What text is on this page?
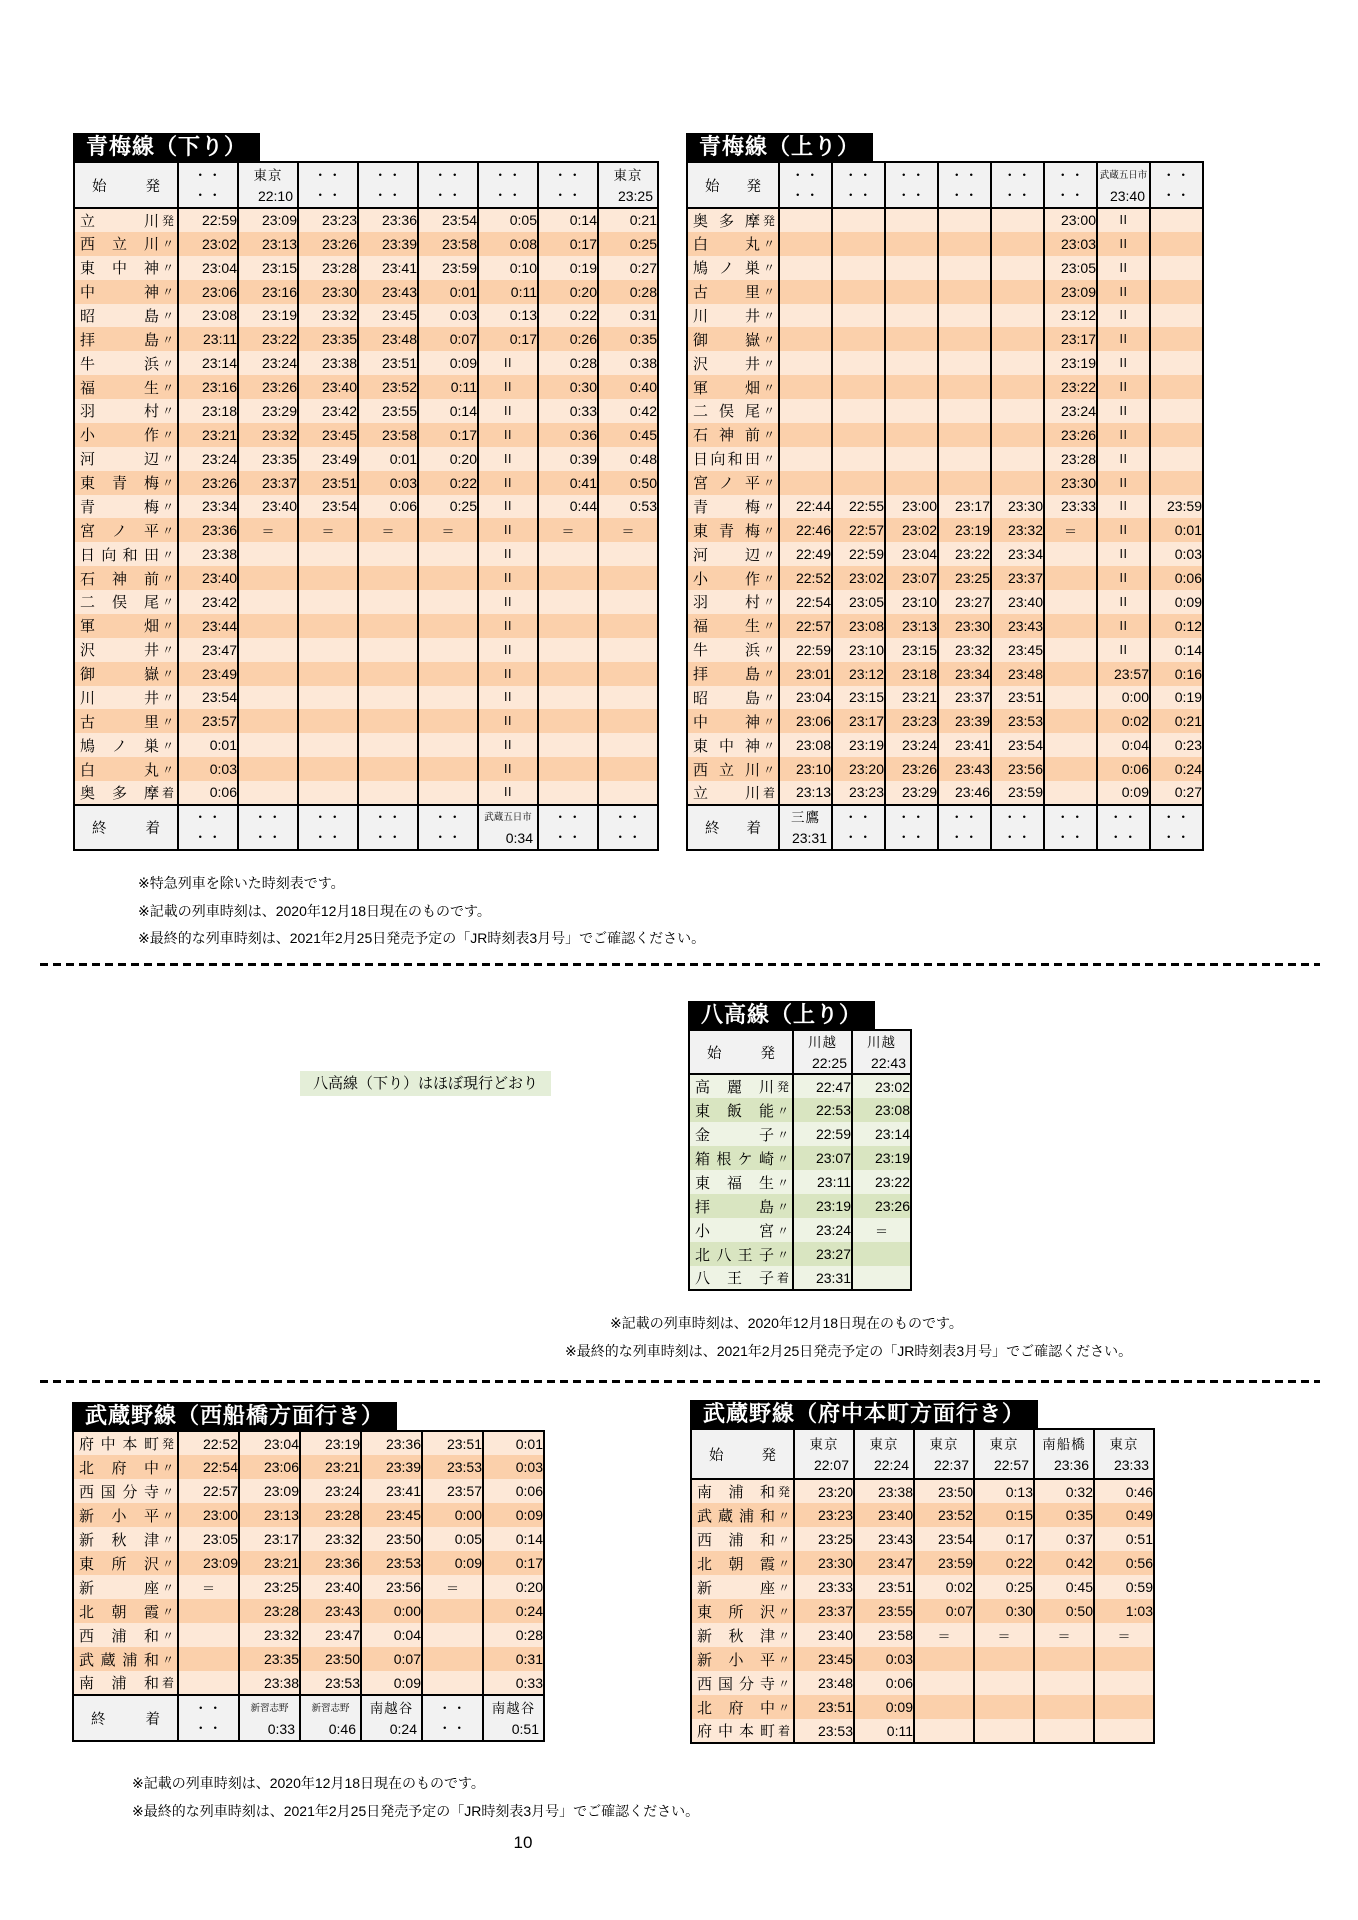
青梅線（下り）
始	発

・・
・・

東京
22:10

・・
・・

・・
・・

・・
・・

・・
・・

・・
・・

東京
23:25

立 川 発	22:59	23:09	23:23	23:36	23:54	0:05	0:14	0:21

西 立 川 〃	23:02	23:13	23:26	23:39	23:58	0:08	0:17	0:25

東 中 神 〃	23:04	23:15	23:28	23:41	23:59	0:10	0:19	0:27

中 神 〃	23:06	23:16	23:30	23:43	0:01	0:11	0:20	0:28

昭 島 〃	23:08	23:19	23:32	23:45	0:03	0:13	0:22	0:31

拝 島 〃	23:11	23:22	23:35	23:48	0:07	0:17	0:26	0:35

牛 浜 〃	23:14	23:24	23:38	23:51	0:09	II	0:28	0:38

福 生 〃	23:16	23:26	23:40	23:52	0:11	II	0:30	0:40

羽 村 〃	23:18	23:29	23:42	23:55	0:14	II	0:33	0:42

小 作 〃	23:21	23:32	23:45	23:58	0:17	II	0:36	0:45

河 辺 〃	23:24	23:35	23:49	0:01	0:20	II	0:39	0:48

東 青 梅 〃	23:26	23:37	23:51	0:03	0:22	II	0:41	0:50

青 梅 〃	23:34	23:40	23:54	0:06	0:25	II	0:44	0:53

宮 ノ 平 〃	23:36	＝	＝	＝	＝	II	＝	＝

日 向 和 田 〃	23:38					II		

石 神 前 〃	23:40					II		

二 俣 尾 〃	23:42					II		

軍 畑 〃	23:44					II		

沢 井 〃	23:47					II		

御 嶽 〃	23:49					II		

川 井 〃	23:54					II		

古 里 〃	23:57					II		

鳩 ノ 巣 〃	0:01					II		

白 丸 〃	0:03					II		

奥 多 摩 着	0:06					II		

終	着

・・
・・

・・
・・

・・
・・

・・
・・

・・
・・

武蔵五日市
0:34

・・
・・

・・
・・
青梅線（上り）
始 発

・・
・・

・・
・・

・・
・・

・・
・・

・・
・・

・・
・・

武蔵五日市
23:40

・・
・・

奥 多 摩 発						23:00	II	

白 丸 〃						23:03	II	

鳩 ノ 巣 〃						23:05	II	

古 里 〃						23:09	II	

川 井 〃						23:12	II	

御 嶽 〃						23:17	II	

沢 井 〃						23:19	II	

軍 畑 〃						23:22	II	

二 俣 尾 〃						23:24	II	

石 神 前 〃						23:26	II	

日 向 和 田 〃						23:28	II	

宮 ノ 平 〃						23:30	II	

青 梅 〃	22:44	22:55	23:00	23:17	23:30	23:33	II	23:59

東 青 梅 〃	22:46	22:57	23:02	23:19	23:32	＝	II	0:01

河 辺 〃	22:49	22:59	23:04	23:22	23:34		II	0:03

小 作 〃	22:52	23:02	23:07	23:25	23:37		II	0:06

羽 村 〃	22:54	23:05	23:10	23:27	23:40		II	0:09

福 生 〃	22:57	23:08	23:13	23:30	23:43		II	0:12

牛 浜 〃	22:59	23:10	23:15	23:32	23:45		II	0:14

拝 島 〃	23:01	23:12	23:18	23:34	23:48		23:57	0:16

昭 島 〃	23:04	23:15	23:21	23:37	23:51		0:00	0:19

中 神 〃	23:06	23:17	23:23	23:39	23:53		0:02	0:21

東 中 神 〃	23:08	23:19	23:24	23:41	23:54		0:04	0:23

西 立 川 〃	23:10	23:20	23:26	23:43	23:56		0:06	0:24

立 川 着	23:13	23:23	23:29	23:46	23:59		0:09	0:27

終 着

三鷹
23:31

・・
・・

・・
・・

・・
・・

・・
・・

・・
・・

・・
・・

・・
・・
※特急列車を除いた時刻表です。
※記載の列車時刻は、2020年12月18日現在のものです。
※最終的な列車時刻は、2021年2月25日発売予定の「JR時刻表3月号」でご確認ください。
八高線（下り）はほぼ現行どおり
八高線（上り）
始	発

川越
22:25

川越
22:43

高 麗 川 発	22:47	23:02

東 飯 能 〃	22:53	23:08

金 子 〃	22:59	23:14

箱 根 ケ 崎 〃	23:07	23:19

東 福 生 〃	23:11	23:22

拝 島 〃	23:19	23:26

小 宮 〃	23:24	＝

北 八 王 子 〃	23:27	

八 王 子 着	23:31	
※記載の列車時刻は、2020年12月18日現在のものです。
※最終的な列車時刻は、2021年2月25日発売予定の「JR時刻表3月号」でご確認ください。
武蔵野線（西船橋方面行き）
府 中 本 町 発	22:52	23:04	23:19	23:36	23:51	0:01

北 府 中 〃	22:54	23:06	23:21	23:39	23:53	0:03

西 国 分 寺 〃	22:57	23:09	23:24	23:41	23:57	0:06

新 小 平 〃	23:00	23:13	23:28	23:45	0:00	0:09

新 秋 津 〃	23:05	23:17	23:32	23:50	0:05	0:14

東 所 沢 〃	23:09	23:21	23:36	23:53	0:09	0:17

新 座 〃	＝	23:25	23:40	23:56	＝	0:20

北 朝 霞 〃		23:28	23:43	0:00		0:24

西 浦 和 〃		23:32	23:47	0:04		0:28

武 蔵 浦 和 〃		23:35	23:50	0:07		0:31

南 浦 和 着		23:38	23:53	0:09		0:33

終	着

・・
・・

新習志野
0:33

新習志野
0:46

南越谷
0:24

・・
・・

南越谷
0:51
武蔵野線（府中本町方面行き）
始	発

東京
22:07

東京
22:24

東京
22:37

東京
22:57

南船橋
23:36

東京
23:33

南 浦 和 発	23:20	23:38	23:50	0:13	0:32	0:46

武 蔵 浦 和 〃	23:23	23:40	23:52	0:15	0:35	0:49

西 浦 和 〃	23:25	23:43	23:54	0:17	0:37	0:51

北 朝 霞 〃	23:30	23:47	23:59	0:22	0:42	0:56

新 座 〃	23:33	23:51	0:02	0:25	0:45	0:59

東 所 沢 〃	23:37	23:55	0:07	0:30	0:50	1:03

新 秋 津 〃	23:40	23:58	＝	＝	＝	＝

新 小 平 〃	23:45	0:03				

西 国 分 寺 〃	23:48	0:06				

北 府 中 〃	23:51	0:09				

府 中 本 町 着	23:53	0:11				
※記載の列車時刻は、2020年12月18日現在のものです。
※最終的な列車時刻は、2021年2月25日発売予定の「JR時刻表3月号」でご確認ください。
10
